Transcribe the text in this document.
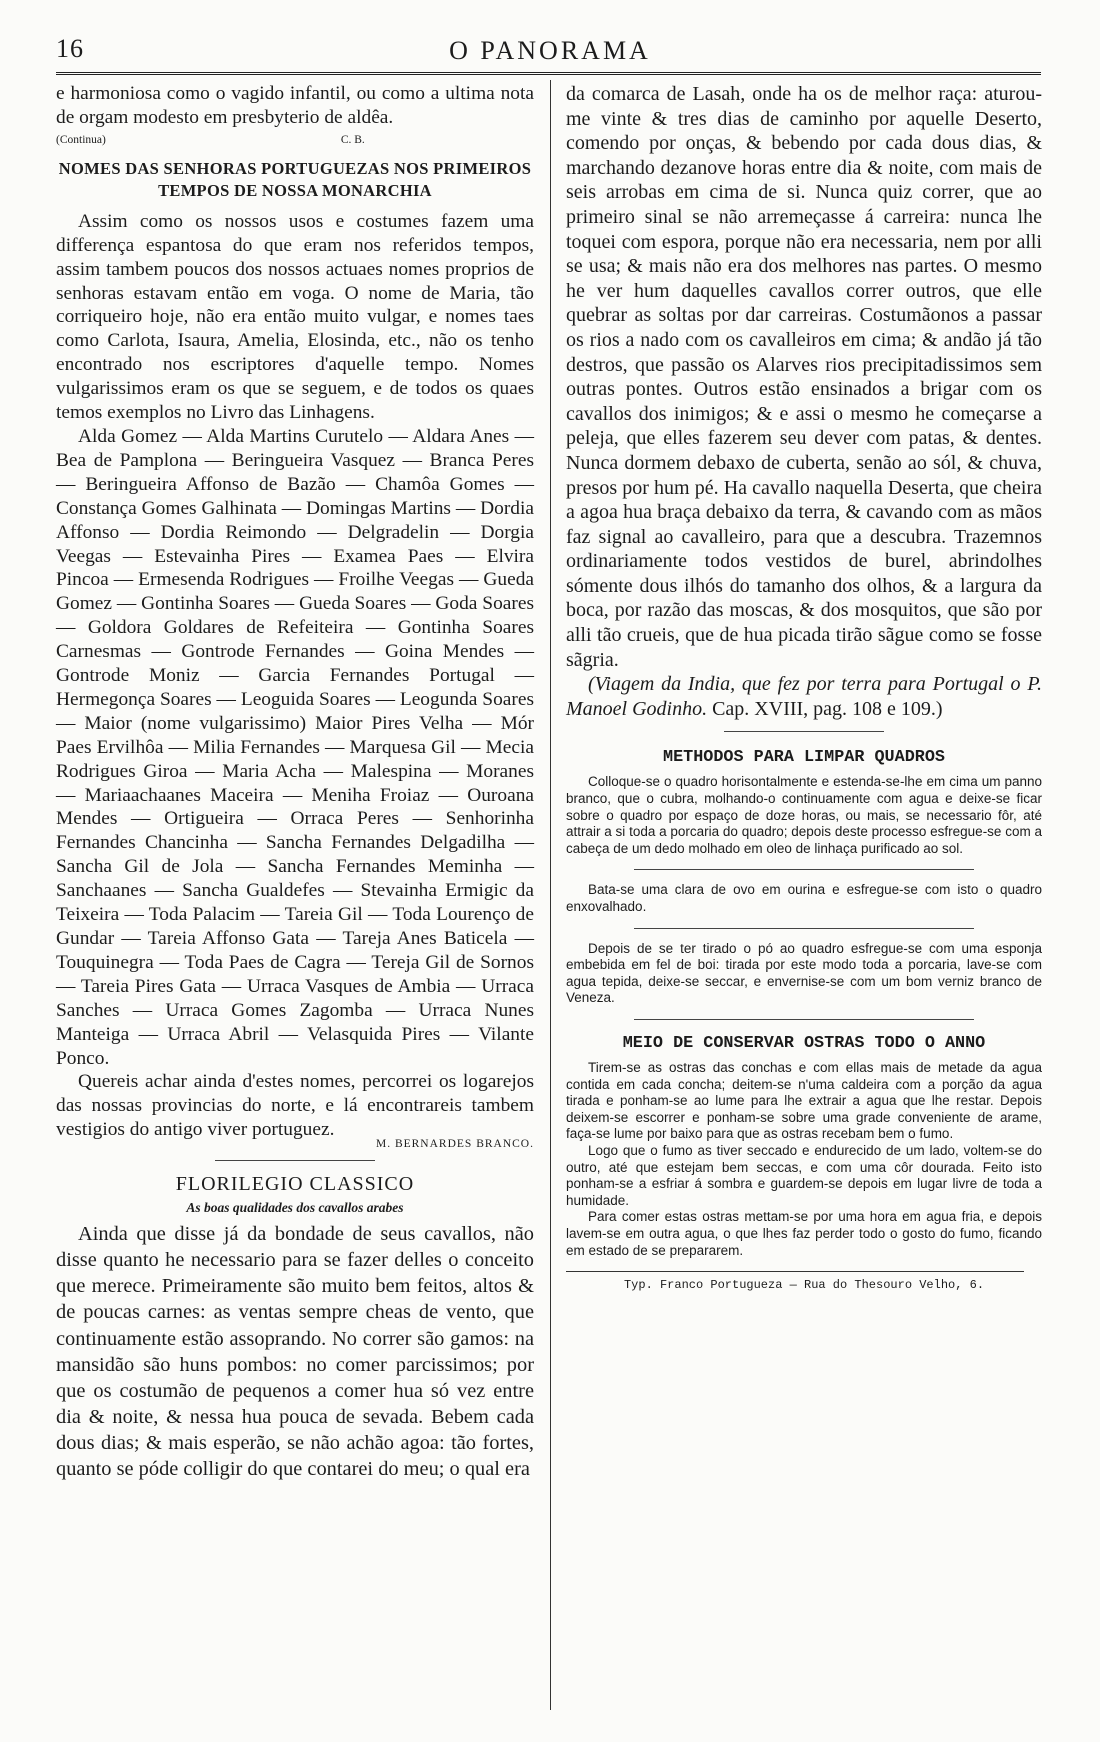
16	O PANORAMA

e harmoniosa como o vagido infantil, ou como a ultima nota de orgam modesto em presbyterio de aldêa.

(Continua)	C. B.
NOMES DAS SENHORAS PORTUGUEZAS NOS PRIMEIROS TEMPOS DE NOSSA MONARCHIA

Assim como os nossos usos e costumes fazem uma differença espantosa do que eram nos referidos tempos, assim tambem poucos dos nossos actuaes nomes proprios de senhoras estavam então em voga. O nome de Maria, tão corriqueiro hoje, não era então muito vulgar, e nomes taes como Carlota, Isaura, Amelia, Elosinda, etc., não os tenho encontrado nos escriptores d'aquelle tempo. Nomes vulgarissimos eram os que se seguem, e de todos os quaes temos exemplos no Livro das Linhagens.

Alda Gomez — Alda Martins Curutelo — Aldara Anes — Bea de Pamplona — Beringueira Vasquez — Branca Peres — Beringueira Affonso de Bazão — Chamôa Gomes — Constança Gomes Galhinata — Domingas Martins — Dordia Affonso — Dordia Reimondo — Delgradelin — Dorgia Veegas — Estevainha Pires — Examea Paes — Elvira Pincoa — Ermesenda Rodrigues — Froilhe Veegas — Gueda Gomez — Gontinha Soares — Gueda Soares — Goda Soares — Goldora Goldares de Refeiteira — Gontinha Soares Carnesmas — Gontrode Fernandes — Goina Mendes — Gontrode Moniz — Garcia Fernandes Portugal — Hermegonça Soares — Leoguida Soares — Leogunda Soares — Maior (nome vulgarissimo) Maior Pires Velha — Mór Paes Ervilhôa — Milia Fernandes — Marquesa Gil — Mecia Rodrigues Giroa — Maria Acha — Malespina — Moranes — Mariaachaanes Maceira — Meniha Froiaz — Ouroana Mendes — Ortigueira — Orraca Peres — Senhorinha Fernandes Chancinha — Sancha Fernandes Delgadilha — Sancha Gil de Jola — Sancha Fernandes Meminha — Sanchaanes — Sancha Gualdefes — Stevainha Ermigic da Teixeira — Toda Palacim — Tareia Gil — Toda Lourenço de Gundar — Tareia Affonso Gata — Tareja Anes Baticela — Touquinegra — Toda Paes de Cagra — Tereja Gil de Sornos — Tareia Pires Gata — Urraca Vasques de Ambia — Urraca Sanches — Urraca Gomes Zagomba — Urraca Nunes Manteiga — Urraca Abril — Velasquida Pires — Vilante Ponco.

Quereis achar ainda d'estes nomes, percorrei os logarejos das nossas provincias do norte, e lá encontrareis tambem vestigios do antigo viver portuguez.

M. BERNARDES BRANCO.
FLORILEGIO CLASSICO
As boas qualidades dos cavallos arabes

Ainda que disse já da bondade de seus cavallos, não disse quanto he necessario para se fazer delles o conceito que merece. Primeiramente são muito bem feitos, altos & de poucas carnes: as ventas sempre cheas de vento, que continuamente estão assoprando. No correr são gamos: na mansidão são huns pombos: no comer parcissimos; por que os costumão de pequenos a comer hua só vez entre dia & noite, & nessa hua pouca de sevada. Bebem cada dous dias; & mais esperão, se não achão agoa: tão fortes, quanto se póde colligir do que contarei do meu; o qual era

da comarca de Lasah, onde ha os de melhor raça: aturou-me vinte & tres dias de caminho por aquelle Deserto, comendo por onças, & bebendo por cada dous dias, & marchando dezanove horas entre dia & noite, com mais de seis arrobas em cima de si. Nunca quiz correr, que ao primeiro sinal se não arremeçasse á carreira: nunca lhe toquei com espora, porque não era necessaria, nem por alli se usa; & mais não era dos melhores nas partes. O mesmo he ver hum daquelles cavallos correr outros, que elle quebrar as soltas por dar carreiras. Costumãonos a passar os rios a nado com os cavalleiros em cima; & andão já tão destros, que passão os Alarves rios precipitadissimos sem outras pontes. Outros estão ensinados a brigar com os cavallos dos inimigos; & e assi o mesmo he começarse a peleja, que elles fazerem seu dever com patas, & dentes. Nunca dormem debaxo de cuberta, senão ao sól, & chuva, presos por hum pé. Ha cavallo naquella Deserta, que cheira a agoa hua braça debaixo da terra, & cavando com as mãos faz signal ao cavalleiro, para que a descubra. Trazemnos ordinariamente todos vestidos de burel, abrindolhes sómente dous ilhós do tamanho dos olhos, & a largura da boca, por razão das moscas, & dos mosquitos, que são por alli tão crueis, que de hua picada tirão sãgue como se fosse sãgria.

(Viagem da India, que fez por terra para Portugal o P. Manoel Godinho. Cap. XVIII, pag. 108 e 109.)

METHODOS PARA LIMPAR QUADROS

Colloque-se o quadro horisontalmente e estenda-se-lhe em cima um panno branco, que o cubra, molhando-o continuamente com agua e deixe-se ficar sobre o quadro por espaço de doze horas, ou mais, se necessario fôr, até attrair a si toda a porcaria do quadro; depois deste processo esfregue-se com a cabeça de um dedo molhado em oleo de linhaça purificado ao sol.

Bata-se uma clara de ovo em ourina e esfregue-se com isto o quadro enxovalhado.

Depois de se ter tirado o pó ao quadro esfregue-se com uma esponja embebida em fel de boi: tirada por este modo toda a porcaria, lave-se com agua tepida, deixe-se seccar, e envernise-se com um bom verniz branco de Veneza.

MEIO DE CONSERVAR OSTRAS TODO O ANNO

Tirem-se as ostras das conchas e com ellas mais de metade da agua contida em cada concha; deitem-se n'uma caldeira com a porção da agua tirada e ponham-se ao lume para lhe extrair a agua que lhe restar. Depois deixem-se escorrer e ponham-se sobre uma grade conveniente de arame, faça-se lume por baixo para que as ostras recebam bem o fumo.

Logo que o fumo as tiver seccado e endurecido de um lado, voltem-se do outro, até que estejam bem seccas, e com uma côr dourada. Feito isto ponham-se a esfriar á sombra e guardem-se depois em lugar livre de toda a humidade.

Para comer estas ostras mettam-se por uma hora em agua fria, e depois lavem-se em outra agua, o que lhes faz perder todo o gosto do fumo, ficando em estado de se prepararem.

Typ. Franco Portugueza — Rua do Thesouro Velho, 6.
